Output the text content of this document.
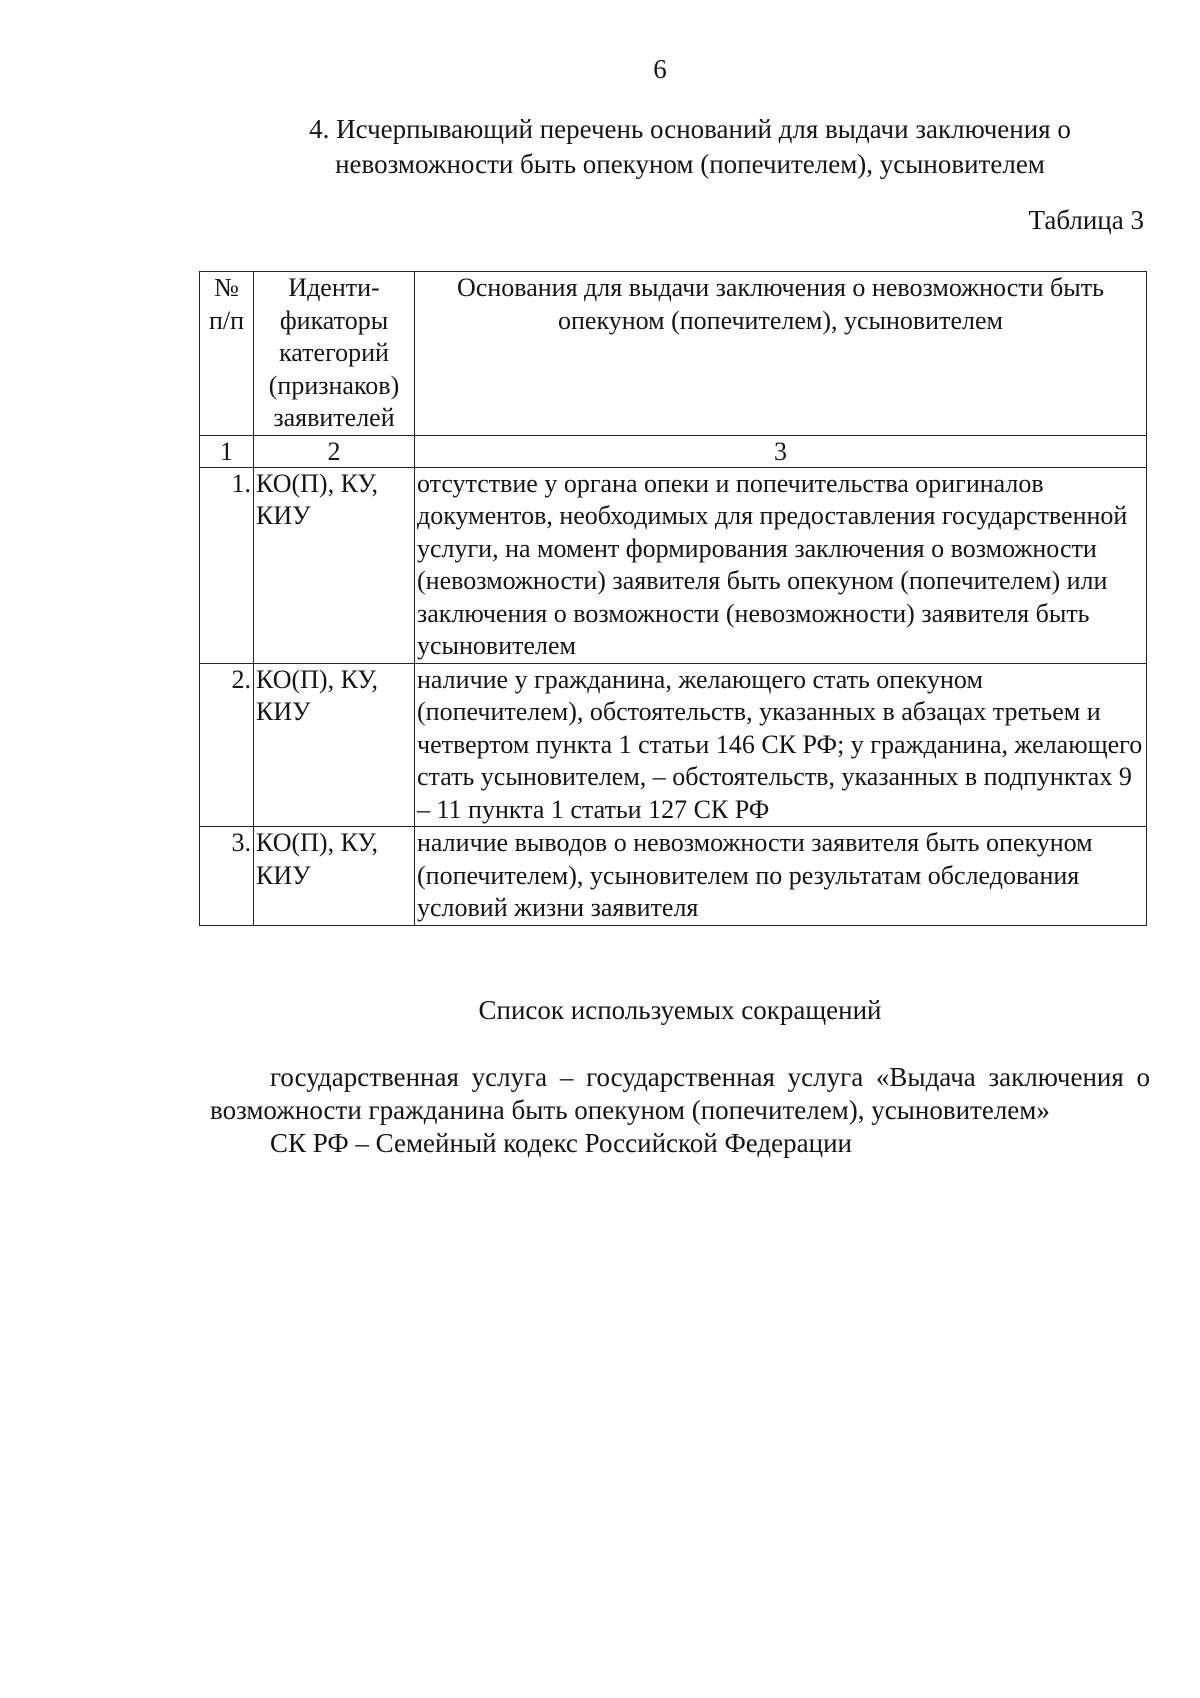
6
4. Исчерпывающий перечень оснований для выдачи заключения о
невозможности быть опекуном (попечителем), усыновителем
Таблица 3
№ п/п	Иденти-фикаторы категорий (признаков) заявителей	Основания для выдачи заключения о невозможности быть опекуном (попечителем), усыновителем
1	2	3
1.	КО(П), КУ, КИУ	отсутствие у органа опеки и попечительства оригиналов документов, необходимых для предоставления государственной услуги, на момент формирования заключения о возможности (невозможности) заявителя быть опекуном (попечителем) или заключения о возможности (невозможности) заявителя быть усыновителем
2.	КО(П), КУ, КИУ	наличие у гражданина, желающего стать опекуном (попечителем), обстоятельств, указанных в абзацах третьем и четвертом пункта 1 статьи 146 СК РФ; у гражданина, желающего стать усыновителем, – обстоятельств, указанных в подпунктах 9 – 11 пункта 1 статьи 127 СК РФ
3.	КО(П), КУ, КИУ	наличие выводов о невозможности заявителя быть опекуном (попечителем), усыновителем по результатам обследования условий жизни заявителя
Список используемых сокращений
государственная услуга – государственная услуга «Выдача заключения о возможности гражданина быть опекуном (попечителем), усыновителем»
СК РФ – Семейный кодекс Российской Федерации
